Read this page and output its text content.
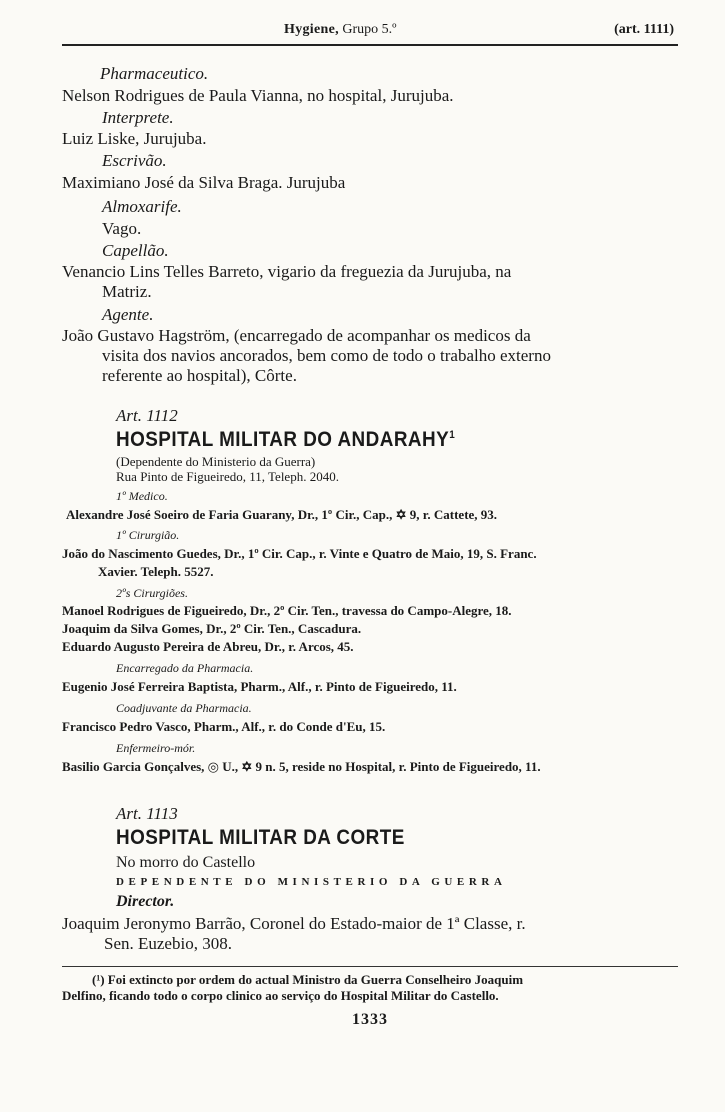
Hygiene, Grupo 5.º	(art. 1111)
Pharmaceutico.
Nelson Rodrigues de Paula Vianna, no hospital, Jurujuba.
Interprete.
Luiz Liske, Jurujuba.
Escrivão.
Maximiano José da Silva Braga. Jurujuba
Almoxarife.
Vago.
Capellão.
Venancio Lins Telles Barreto, vigario da freguezia da Jurujuba, na
Matriz.
Agente.
João Gustavo Hagström, (encarregado de acompanhar os medicos da
visita dos navios ancorados, bem como de todo o trabalho externo
referente ao hospital), Côrte.
Art. 1112
HOSPITAL MILITAR DO ANDARAHY$^1$
(Dependente do Ministerio da Guerra)
Rua Pinto de Figueiredo, 11, Teleph. 2040.
1º Medico.
Alexandre José Soeiro de Faria Guarany, Dr., 1º Cir., Cap., ✡ 9, r. Cattete, 93.
1º Cirurgião.
João do Nascimento Guedes, Dr., 1º Cir. Cap., r. Vinte e Quatro de Maio, 19, S. Franc.
Xavier. Teleph. 5527.
2ºs Cirurgiões.
Manoel Rodrigues de Figueiredo, Dr., 2º Cir. Ten., travessa do Campo-Alegre, 18.
Joaquim da Silva Gomes, Dr., 2º Cir. Ten., Cascadura.
Eduardo Augusto Pereira de Abreu, Dr., r. Arcos, 45.
Encarregado da Pharmacia.
Eugenio José Ferreira Baptista, Pharm., Alf., r. Pinto de Figueiredo, 11.
Coadjuvante da Pharmacia.
Francisco Pedro Vasco, Pharm., Alf., r. do Conde d'Eu, 15.
Enfermeiro-mór.
Basilio Garcia Gonçalves, ◎ U., ✡ 9 n. 5, reside no Hospital, r. Pinto de Figueiredo, 11.
Art. 1113
HOSPITAL MILITAR DA CORTE
No morro do Castello
DEPENDENTE DO MINISTERIO DA GUERRA
Director.
Joaquim Jeronymo Barrão, Coronel do Estado-maior de 1ª Classe, r.
Sen. Euzebio, 308.
(¹) Foi extincto por ordem do actual Ministro da Guerra Conselheiro Joaquim
Delfino, ficando todo o corpo clinico ao serviço do Hospital Militar do Castello.
1333
